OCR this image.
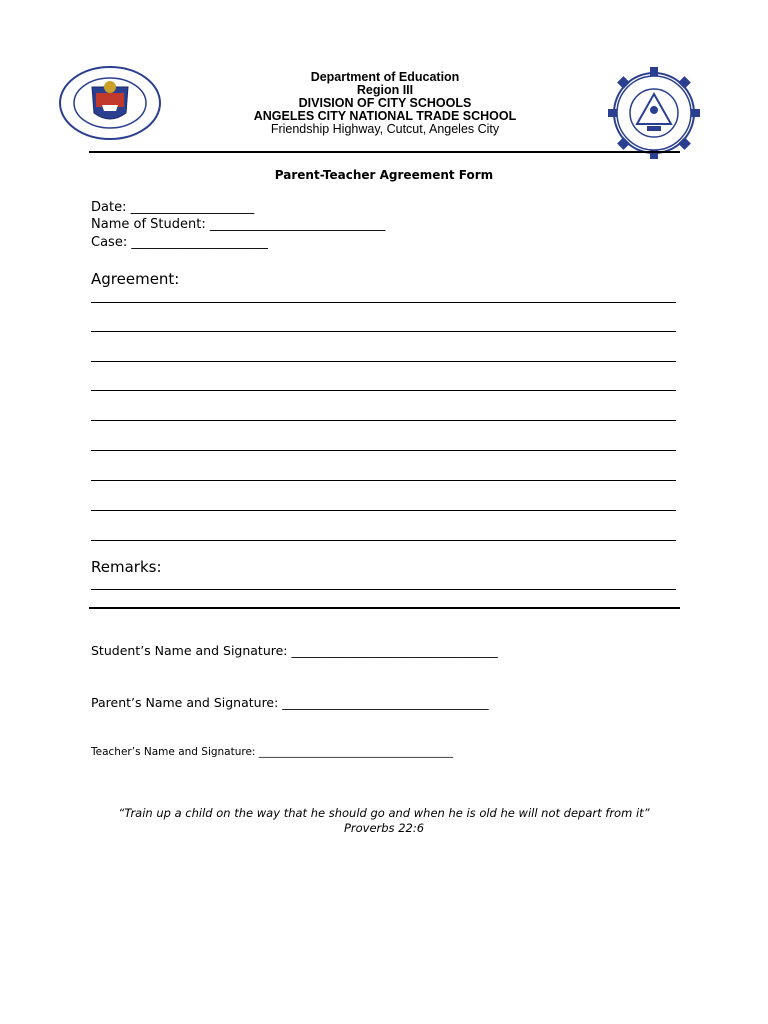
Department of Education
Region III
DIVISION OF CITY SCHOOLS
ANGELES CITY NATIONAL TRADE SCHOOL
Friendship Highway, Cutcut, Angeles City
Parent-Teacher Agreement Form
Date: ___________________
Name of Student: ___________________________
Case: _____________________
Agreement:
Remarks:
Student’s Name and Signature: _________________________________
Parent’s Name and Signature: _________________________________
Teacher’s Name and Signature: _____________________________________
“Train up a child on the way that he should go and when he is old he will not depart from it”
Proverbs 22:6
